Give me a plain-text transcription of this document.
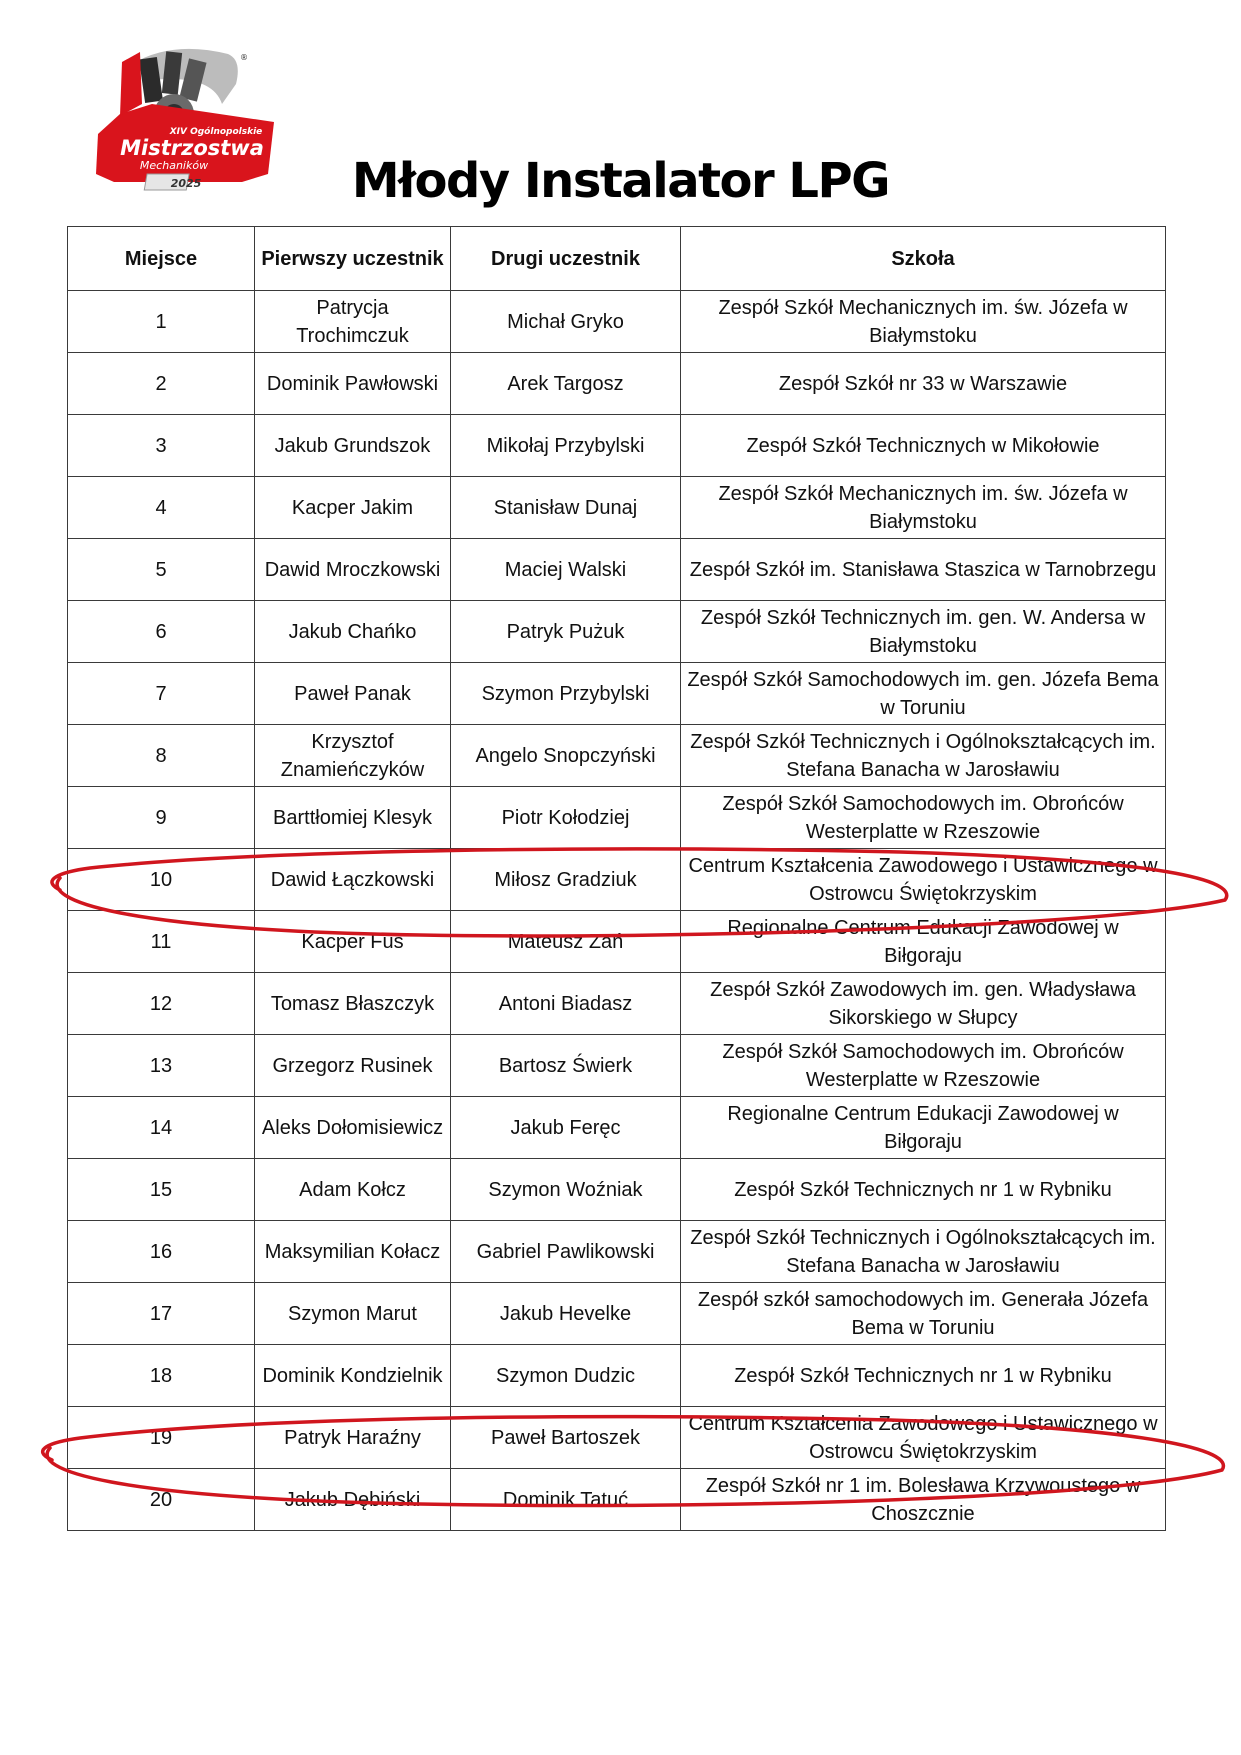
XIV Ogólnopolskie
Mistrzostwa
Mechaników
2025
®
Młody Instalator LPG
Miejsce	Pierwszy uczestnik	Drugi uczestnik	Szkoła
1	Patrycja Trochimczuk	Michał Gryko	Zespół Szkół Mechanicznych im. św. Józefa w Białymstoku
2	Dominik Pawłowski	Arek Targosz	Zespół Szkół nr 33 w Warszawie
3	Jakub Grundszok	Mikołaj Przybylski	Zespół Szkół Technicznych w Mikołowie
4	Kacper Jakim	Stanisław Dunaj	Zespół Szkół Mechanicznych im. św. Józefa w Białymstoku
5	Dawid Mroczkowski	Maciej Walski	Zespół Szkół im. Stanisława Staszica w Tarnobrzegu
6	Jakub Chańko	Patryk Pużuk	Zespół Szkół Technicznych im. gen. W. Andersa w Białymstoku
7	Paweł Panak	Szymon Przybylski	Zespół Szkół Samochodowych im. gen. Józefa Bema w Toruniu
8	Krzysztof Znamieńczyków	Angelo Snopczyński	Zespół Szkół Technicznych i Ogólnokształcących im. Stefana Banacha w Jarosławiu
9	Barttłomiej Klesyk	Piotr Kołodziej	Zespół Szkół Samochodowych im. Obrońców Westerplatte w Rzeszowie
10	Dawid Łączkowski	Miłosz Gradziuk	Centrum Kształcenia Zawodowego i Ustawicznego w Ostrowcu Świętokrzyskim
11	Kacper Fus	Mateusz Zań	Regionalne Centrum Edukacji Zawodowej w Biłgoraju
12	Tomasz Błaszczyk	Antoni Biadasz	Zespół Szkół Zawodowych im. gen. Władysława Sikorskiego w Słupcy
13	Grzegorz Rusinek	Bartosz Świerk	Zespół Szkół Samochodowych im. Obrońców Westerplatte w Rzeszowie
14	Aleks Dołomisiewicz	Jakub Feręc	Regionalne Centrum Edukacji Zawodowej w Biłgoraju
15	Adam Kołcz	Szymon Woźniak	Zespół Szkół Technicznych nr 1 w Rybniku
16	Maksymilian Kołacz	Gabriel Pawlikowski	Zespół Szkół Technicznych i Ogólnokształcących im. Stefana Banacha w Jarosławiu
17	Szymon Marut	Jakub Hevelke	Zespół szkół samochodowych im. Generała Józefa Bema w Toruniu
18	Dominik Kondzielnik	Szymon Dudzic	Zespół Szkół Technicznych nr 1 w Rybniku
19	Patryk Haraźny	Paweł Bartoszek	Centrum Kształcenia Zawodowego i Ustawicznego w Ostrowcu Świętokrzyskim
20	Jakub Dębiński	Dominik Tatuć	Zespół Szkół nr 1 im. Bolesława Krzywoustego w Choszcznie
